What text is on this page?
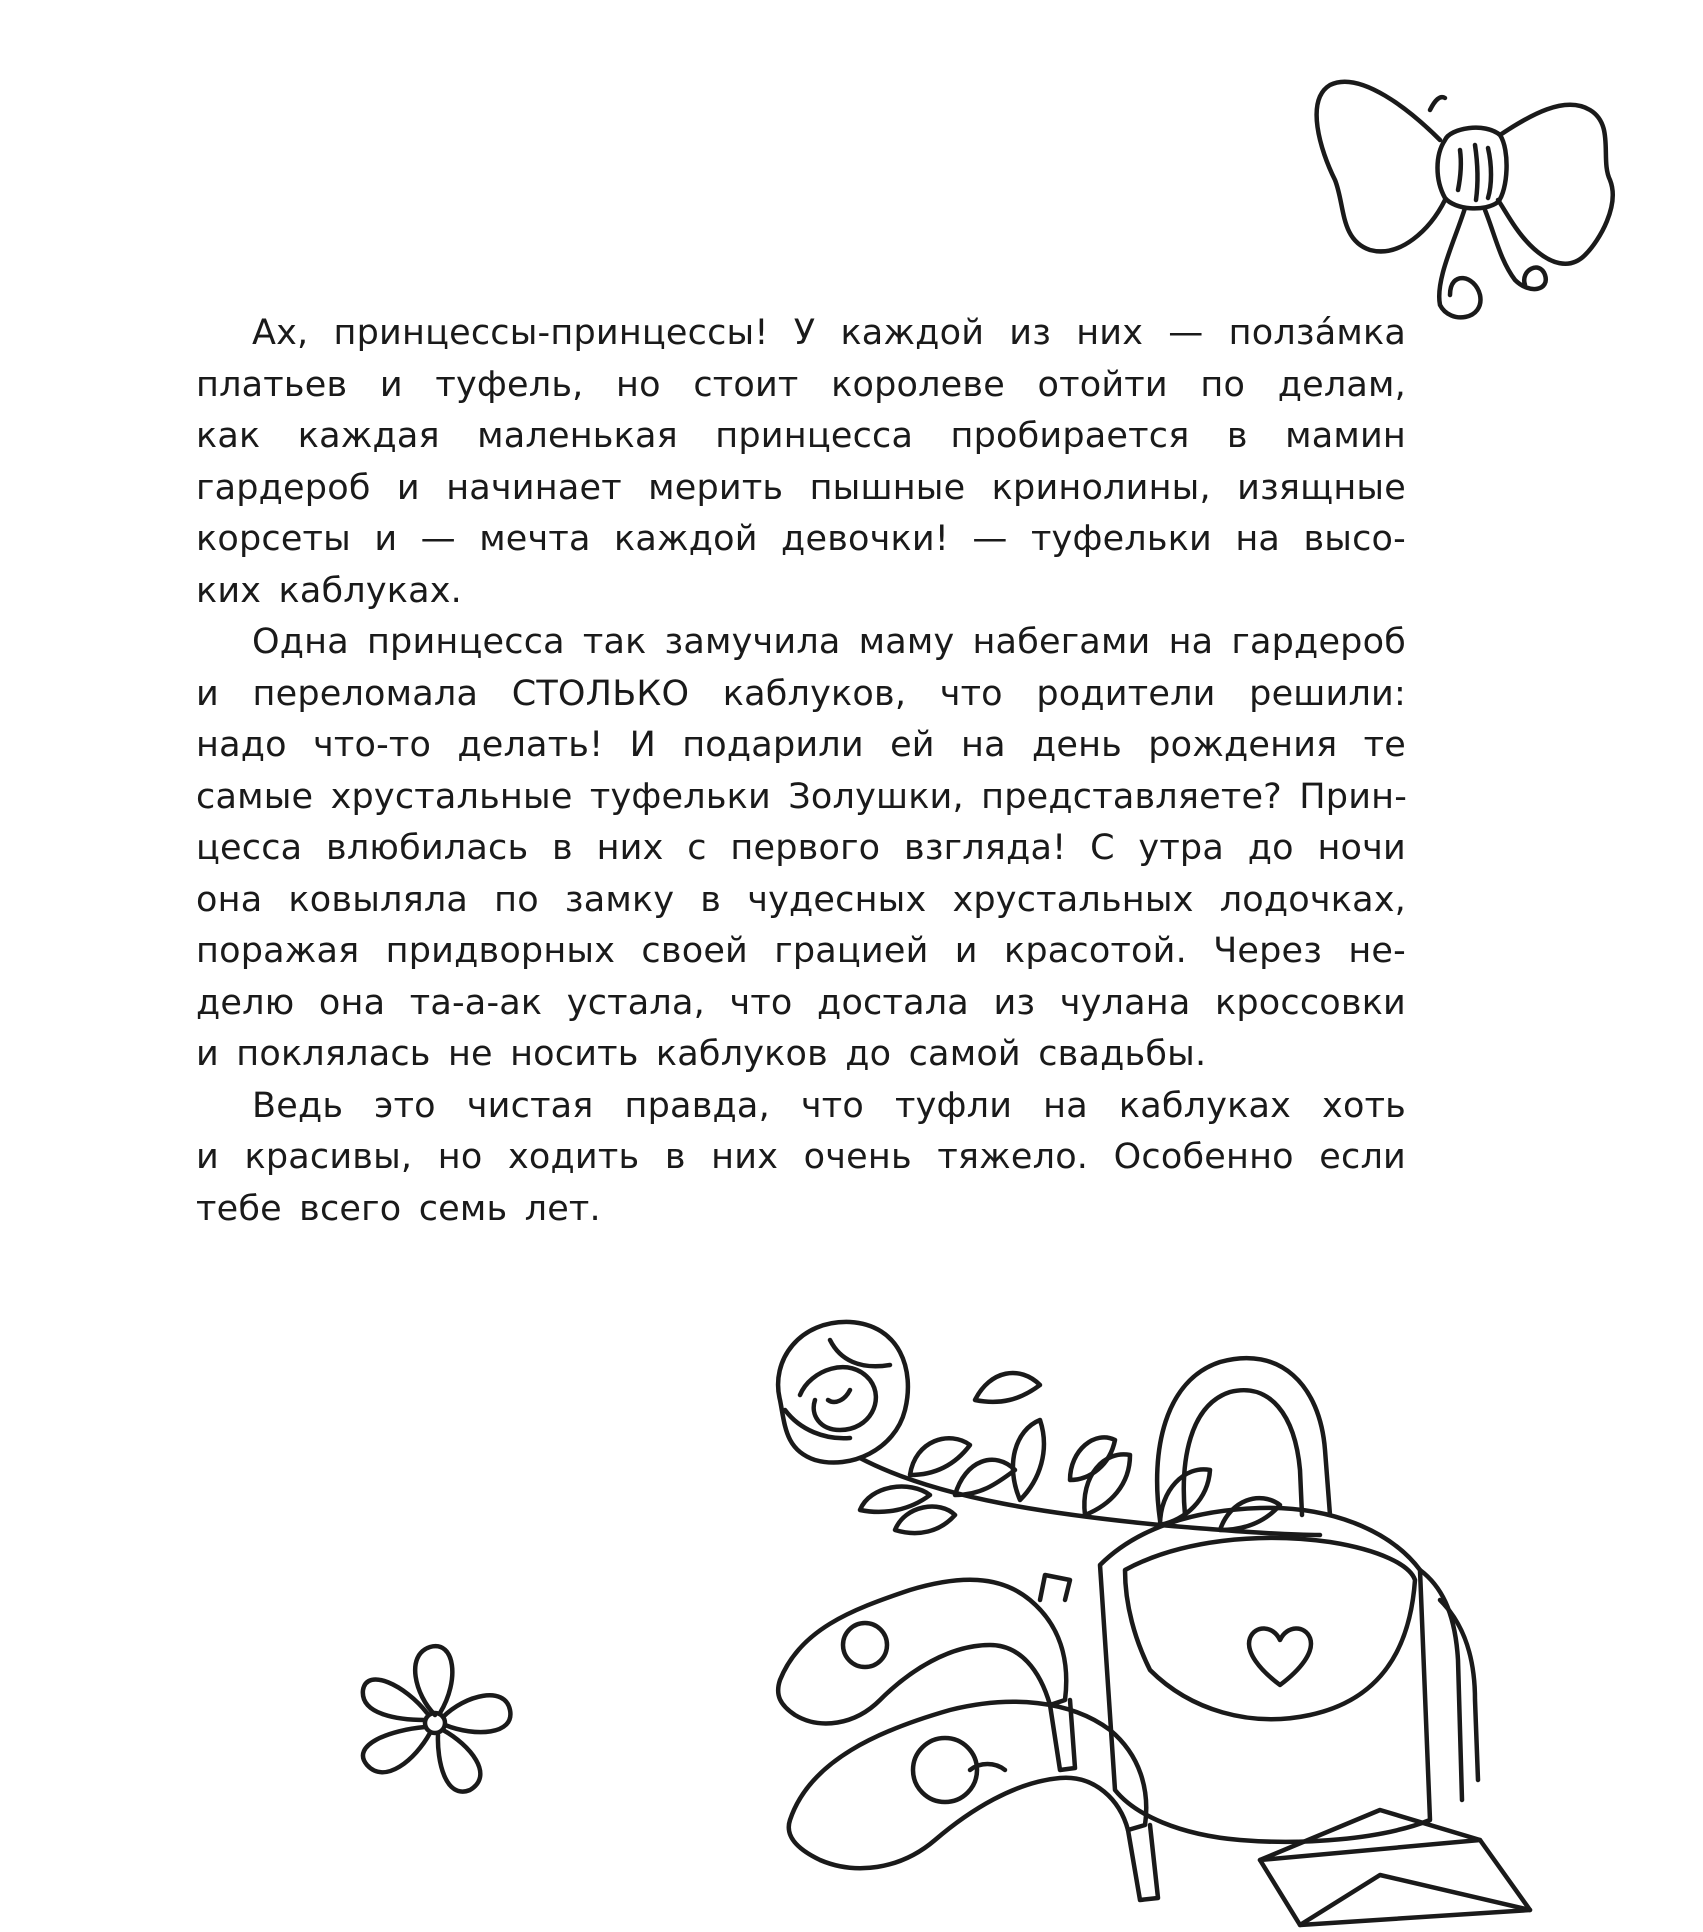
Ах, принцессы-принцессы! У каждой из них — полза́мка
платьев и туфель, но стоит королеве отойти по делам,
как каждая маленькая принцесса пробирается в мамин
гардероб и начинает мерить пышные кринолины, изящные
корсеты и — мечта каждой девочки! — туфельки на высо-
ких каблуках.

Одна принцесса так замучила маму набегами на гардероб
и переломала СТОЛЬКО каблуков, что родители решили:
надо что-то делать! И подарили ей на день рождения те
самые хрустальные туфельки Золушки, представляете? Прин-
цесса влюбилась в них с первого взгляда! С утра до ночи
она ковыляла по замку в чудесных хрустальных лодочках,
поражая придворных своей грацией и красотой. Через не-
делю она та-а-ак устала, что достала из чулана кроссовки
и поклялась не носить каблуков до самой свадьбы.

Ведь это чистая правда, что туфли на каблуках хоть
и красивы, но ходить в них очень тяжело. Особенно если
тебе всего семь лет.
